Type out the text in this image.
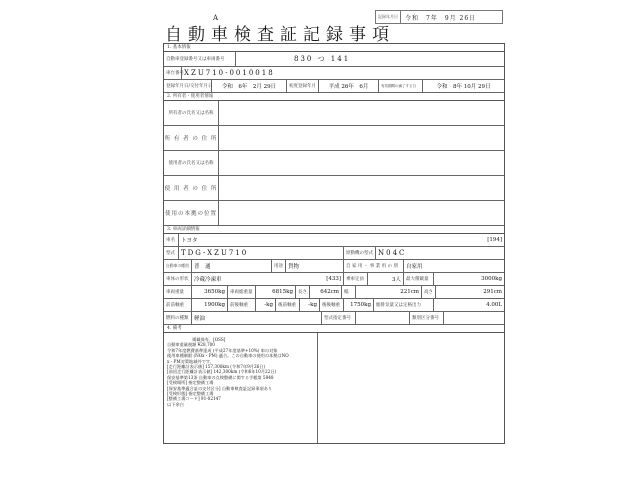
記録年月日	令和　7年　9月 26日
A
自動車検査証記録事項
1. 基本情報
自動車登録番号又は車両番号	830 つ 141
車台番号 XZU710-0010018
登録年月日/交付年月日 令和　6年　2月 29日	初度登録年月 平成 26年　6月	有効期間の満了する日	令和　8年 10月 29日
2. 所有者・使用者情報
所有者の氏名又は名称
所 有 者 の 住 所
使用者の氏名又は名称
使 用 者 の 住 所
使用の本拠の位置
3. 車両詳細情報
車名 トヨタ	[194]
型式 TDG-XZU710	原動機の型式 N04C
自動車の種別 普　通	用途 貨物	自 家 用 ・ 事 業 用 の 別 自家用
車体の形状 冷蔵冷凍車	[433] 乗車定員	3人 最大積載量	3000kg
車両重量	3650kg 車両総重量	6815kg 長さ 642cm 幅	221cm 高さ	291cm
前前軸重	1900kg 前後軸重	-kg 後前軸重 -kg 後後軸重 1750kg 総排気量又は定格出力	4.00L
燃料の種類 軽油	型式指定番号	類別区分番号
4. 備考
　　　　　　掲載保有、[OSS]
自動車重量税額 ¥28,700
令和7年度燃費基準達成 (平成27年度基準+10%) 車の対象
使用車種制限 (NOx・PM) 適合。この自動車の使用の本拠はNO
x・PM対策地域外です。
[走行距離計表示値] 157,300km (令和7年9月26日)
[前回走行距離計表示値] 142,300km (令和6年10月22日)
保安基準第13条 自動車の点検整備に関する手帳第 5848
[受検場所] 指定整備工場
[保安基準適合証の交付区分] 自動車検査証記録事項あり
[受検形態] 指定整備工場
[整備工場コード] 91-02147
以下余白
